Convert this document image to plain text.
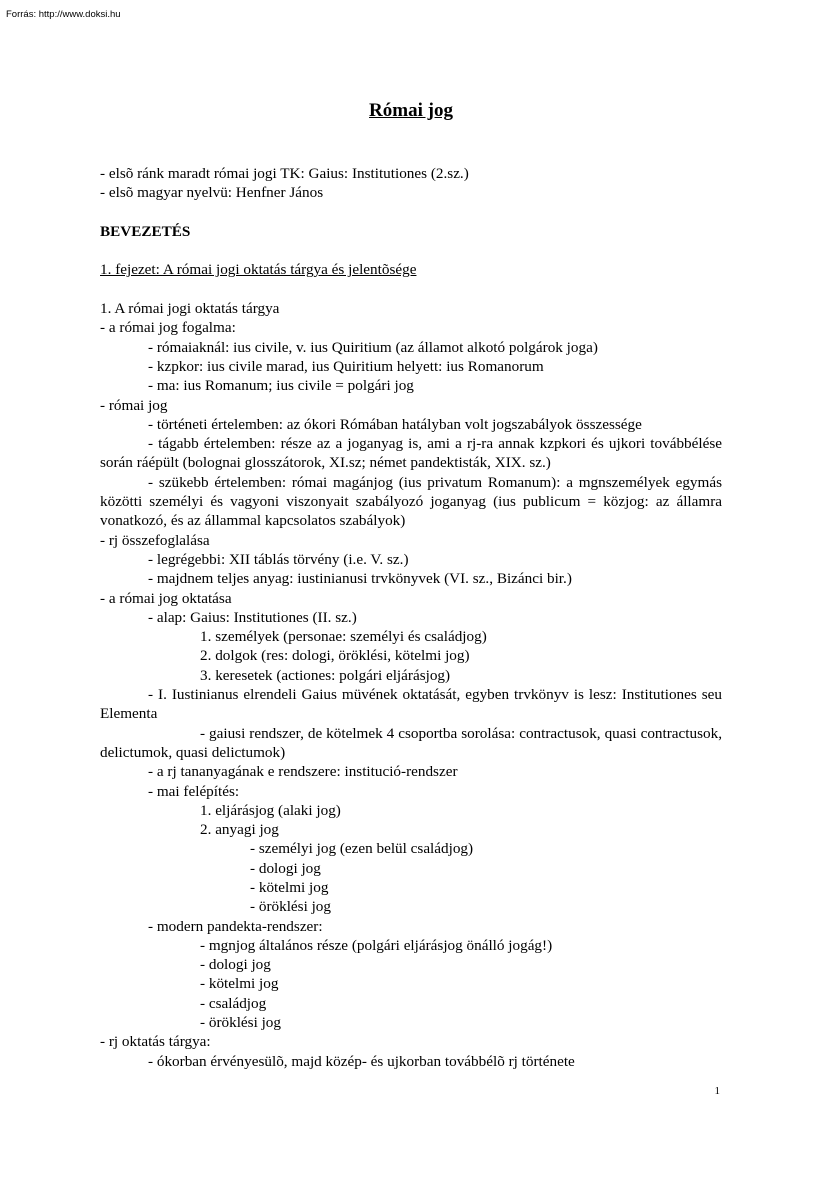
Forrás: http://www.doksi.hu
Római jog

- elsõ ránk maradt római jogi TK: Gaius: Institutiones (2.sz.)

- elsõ magyar nyelvü: Henfner János

BEVEZETÉS

1. fejezet: A római jogi oktatás tárgya és jelentõsége

1. A római jogi oktatás tárgya

- a római jog fogalma:

- rómaiaknál: ius civile, v. ius Quiritium (az államot alkotó polgárok joga)

- kzpkor: ius civile marad, ius Quiritium helyett: ius Romanorum

- ma: ius Romanum; ius civile = polgári jog

- római jog

- történeti értelemben: az ókori Rómában hatályban volt jogszabályok összessége

- tágabb értelemben: része az a joganyag is, ami a rj-ra annak kzpkori és ujkori továbbélése során ráépült (bolognai glosszátorok, XI.sz; német pandektisták, XIX. sz.)

- szükebb értelemben: római magánjog (ius privatum Romanum): a mgnszemélyek egymás közötti személyi és vagyoni viszonyait szabályozó joganyag (ius publicum = közjog: az államra vonatkozó, és az állammal kapcsolatos szabályok)

- rj összefoglalása

- legrégebbi: XII táblás törvény (i.e. V. sz.)

- majdnem teljes anyag: iustinianusi trvkönyvek (VI. sz., Bizánci bir.)

- a római jog oktatása

- alap: Gaius: Institutiones (II. sz.)

1. személyek (personae: személyi és családjog)

2. dolgok (res: dologi, öröklési, kötelmi jog)

3. keresetek (actiones: polgári eljárásjog)

- I. Iustinianus elrendeli Gaius müvének oktatását, egyben trvkönyv is lesz: Institutiones seu Elementa

- gaiusi rendszer, de kötelmek 4 csoportba sorolása: contractusok, quasi contractusok, delictumok, quasi delictumok)

- a rj tananyagának e rendszere: institució-rendszer

- mai felépítés:

1. eljárásjog (alaki jog)

2. anyagi jog

- személyi jog (ezen belül családjog)

- dologi jog

- kötelmi jog

- öröklési jog

- modern pandekta-rendszer:

- mgnjog általános része (polgári eljárásjog önálló jogág!)

- dologi jog

- kötelmi jog

- családjog

- öröklési jog

- rj oktatás tárgya:

- ókorban érvényesülõ, majd közép- és ujkorban továbbélõ rj története

1
